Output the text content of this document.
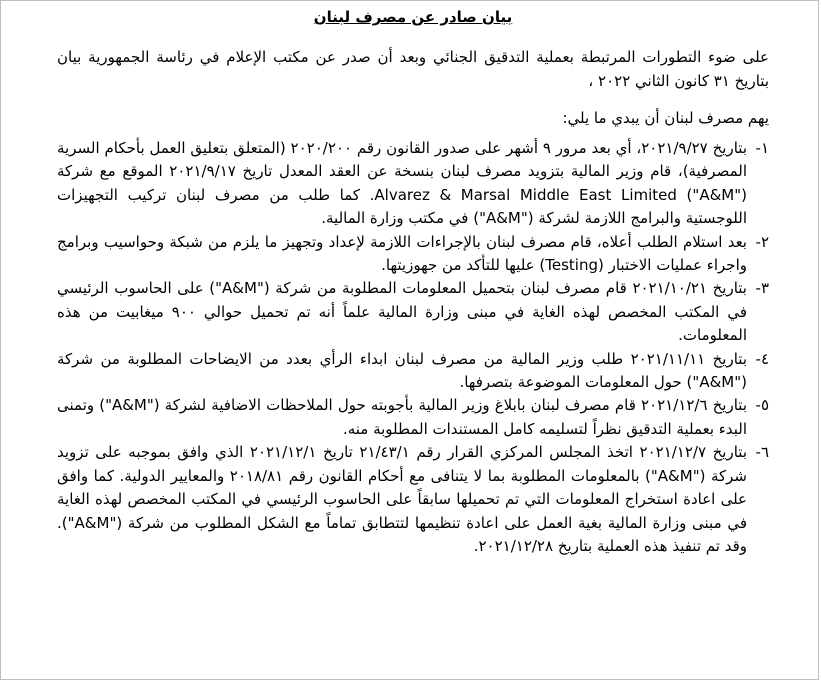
بيان صادر عن مصرف لبنان

على ضوء التطورات المرتبطة بعملية التدقيق الجنائي وبعد أن صدر عن مكتب الإعلام في رئاسة الجمهورية بيان بتاريخ ٣١ كانون الثاني ٢٠٢٢ ،

يهم مصرف لبنان أن يبدي ما يلي:

١-
بتاريخ ٢٠٢١/٩/٢٧، أي بعد مرور ٩ أشهر على صدور القانون رقم ٢٠٢٠/٢٠٠ (المتعلق بتعليق العمل بأحكام السرية المصرفية)، قام وزير المالية بتزويد مصرف لبنان بنسخة عن العقد المعدل تاريخ ٢٠٢١/٩/١٧ الموقع مع شركة ("A&M") Alvarez & Marsal Middle East Limited. كما طلب من مصرف لبنان تركيب التجهيزات اللوجستية والبرامج اللازمة لشركة ("A&M") في مكتب وزارة المالية.
٢-
بعد استلام الطلب أعلاه، قام مصرف لبنان بالإجراءات اللازمة لإعداد وتجهيز ما يلزم من شبكة وحواسيب وبرامج واجراء عمليات الاختبار (Testing) عليها للتأكد من جهوزيتها.
٣-
بتاريخ ٢٠٢١/١٠/٢١ قام مصرف لبنان بتحميل المعلومات المطلوبة من شركة ("A&M") على الحاسوب الرئيسي في المكتب المخصص لهذه الغاية في مبنى وزارة المالية علماً أنه تم تحميل حوالي ٩٠٠ ميغابيت من هذه المعلومات.
٤-
بتاريخ ٢٠٢١/١١/١١ طلب وزير المالية من مصرف لبنان ابداء الرأي بعدد من الايضاحات المطلوبة من شركة ("A&M") حول المعلومات الموضوعة بتصرفها.
٥-
بتاريخ ٢٠٢١/١٢/٦ قام مصرف لبنان بابلاغ وزير المالية بأجوبته حول الملاحظات الاضافية لشركة ("A&M") وتمنى البدء بعملية التدقيق نظراً لتسليمه كامل المستندات المطلوبة منه.
٦-
بتاريخ ٢٠٢١/١٢/٧ اتخذ المجلس المركزي القرار رقم ٢١/٤٣/١ تاريخ ٢٠٢١/١٢/١ الذي وافق بموجبه على تزويد شركة ("A&M") بالمعلومات المطلوبة بما لا يتنافى مع أحكام القانون رقم ٢٠١٨/٨١ والمعايير الدولية. كما وافق على اعادة استخراج المعلومات التي تم تحميلها سابقاً على الحاسوب الرئيسي في المكتب المخصص لهذه الغاية في مبنى وزارة المالية بغية العمل على اعادة تنظيمها لتتطابق تماماً مع الشكل المطلوب من شركة ("A&M"). وقد تم تنفيذ هذه العملية بتاريخ ٢٠٢١/١٢/٢٨.
